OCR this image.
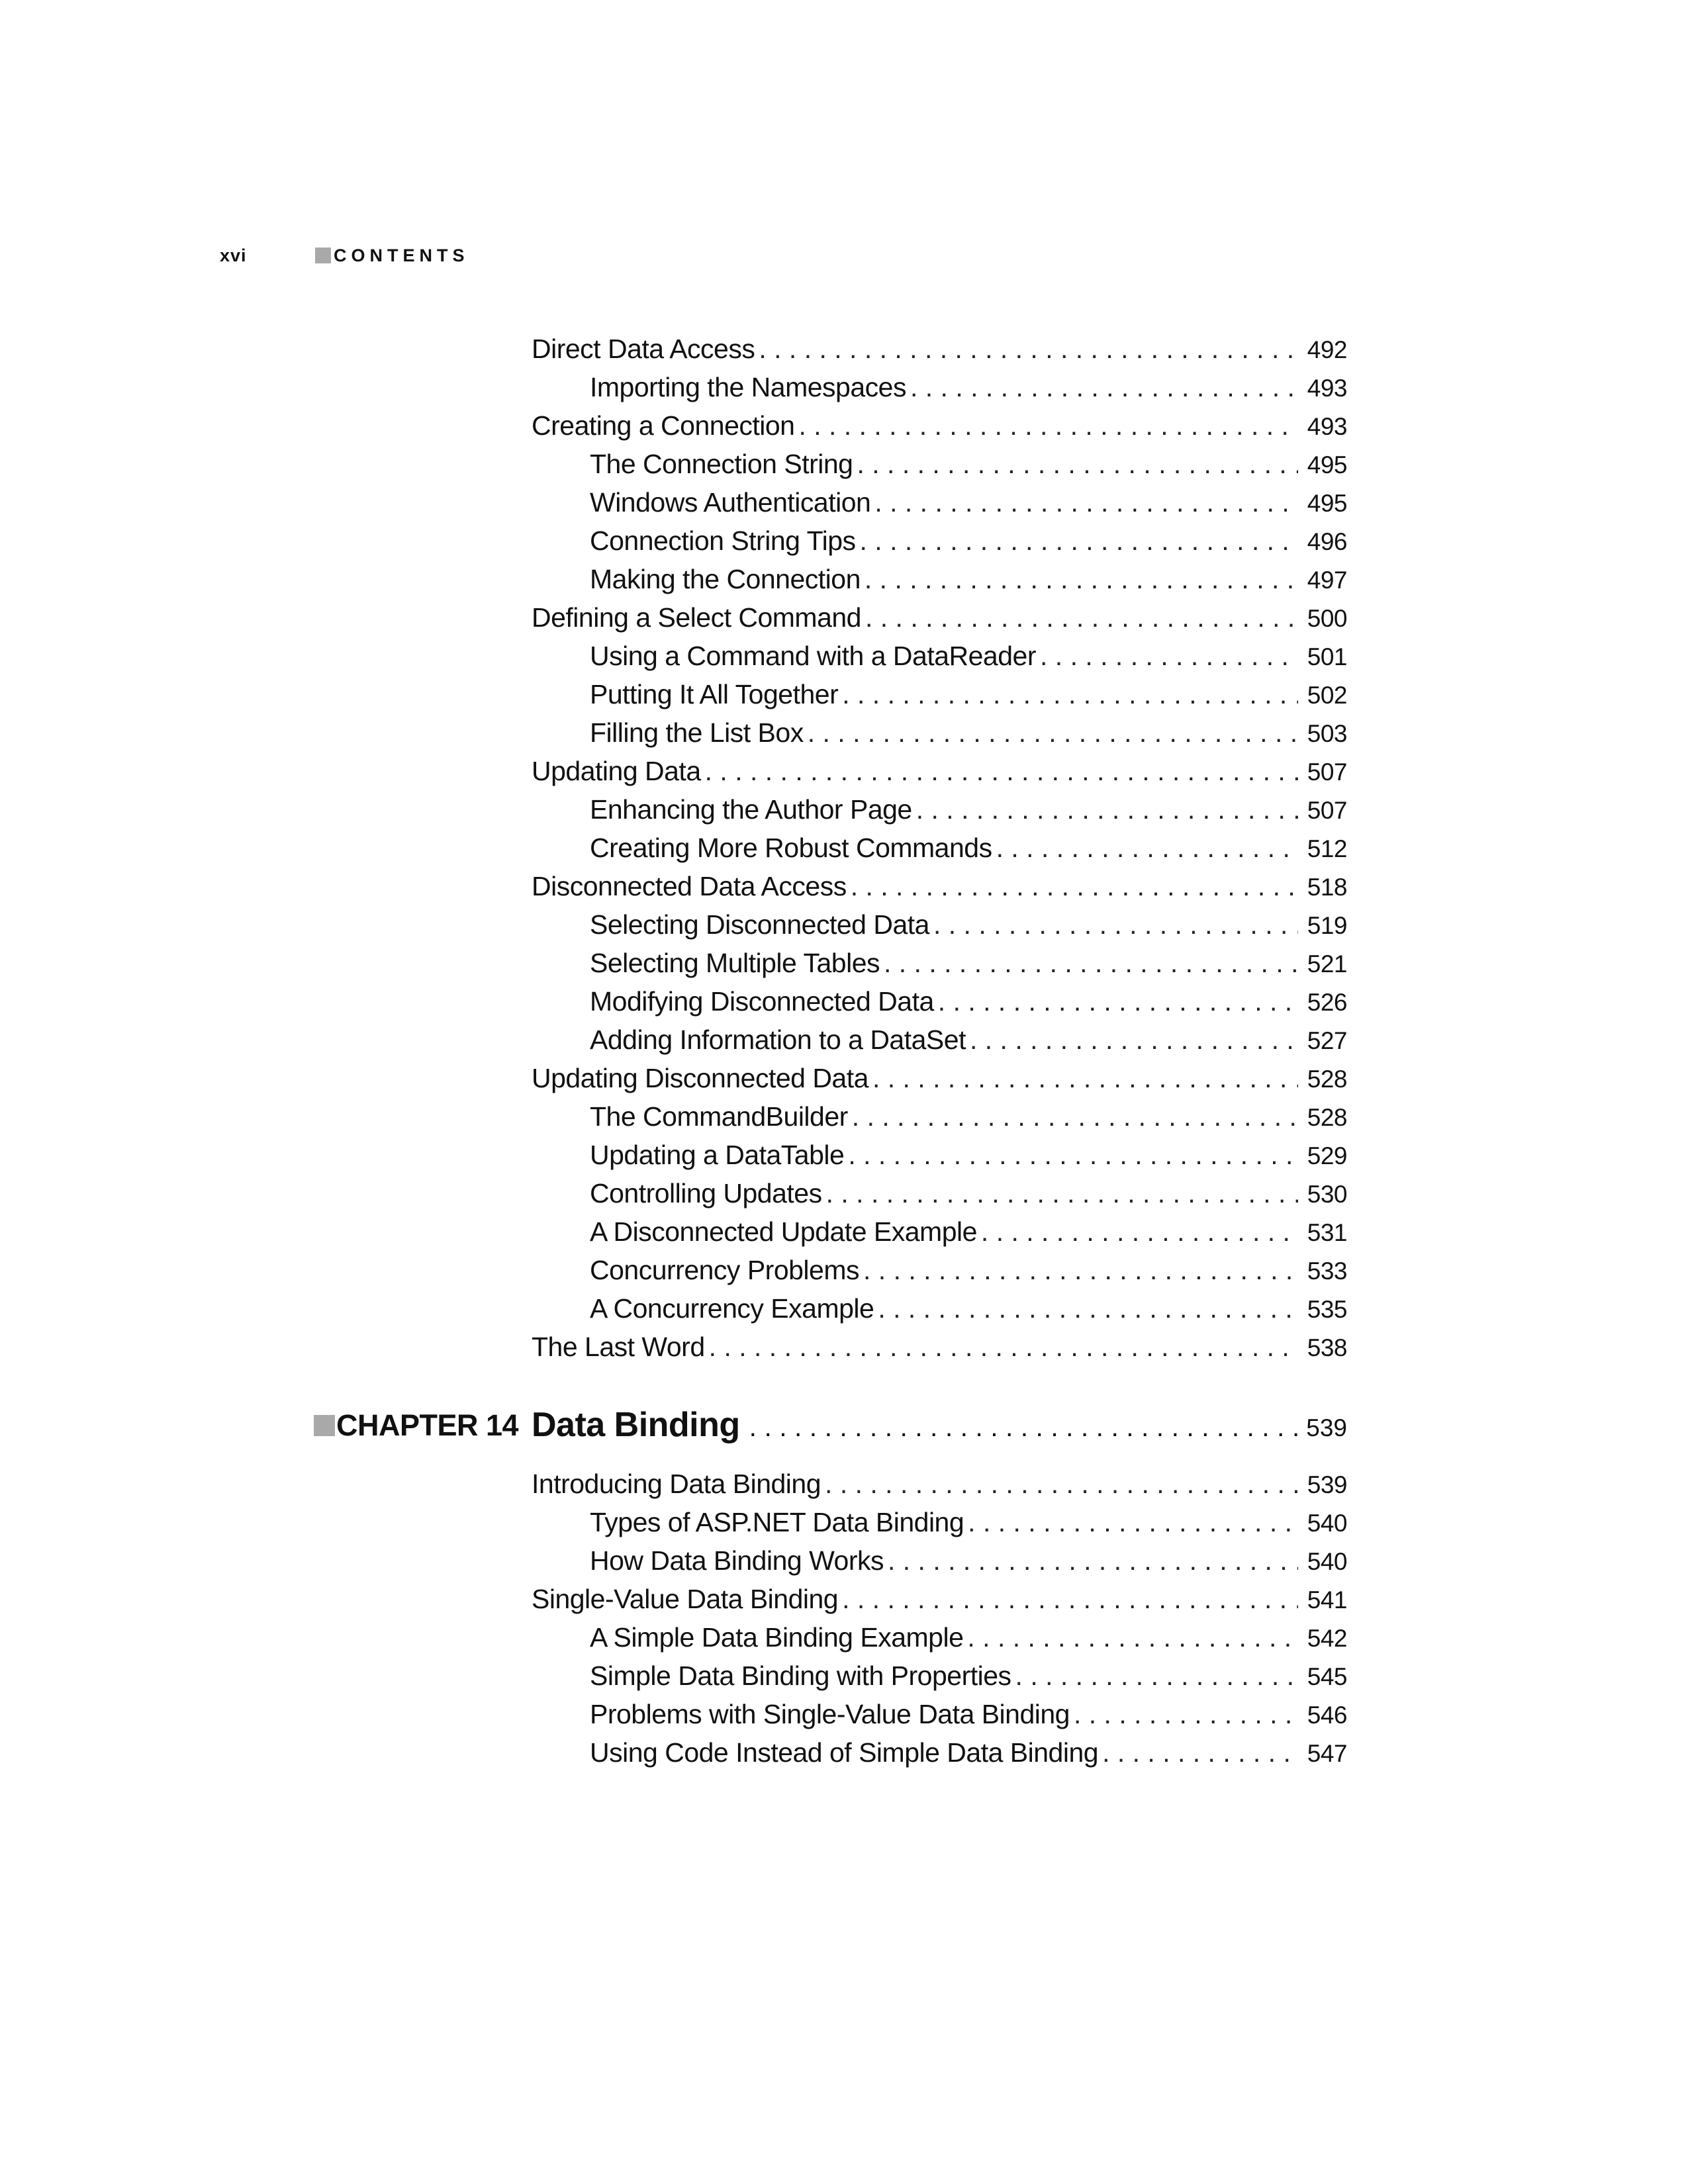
xvi	CONTENTS
Direct Data Access . . .	492
Importing the Namespaces . . .	493
Creating a Connection . . .	493
The Connection String . . .	495
Windows Authentication . . .	495
Connection String Tips . . .	496
Making the Connection . . .	497
Defining a Select Command . . .	500
Using a Command with a DataReader . . .	501
Putting It All Together . . .	502
Filling the List Box . . .	503
Updating Data . . .	507
Enhancing the Author Page . . .	507
Creating More Robust Commands . . .	512
Disconnected Data Access . . .	518
Selecting Disconnected Data . . .	519
Selecting Multiple Tables . . .	521
Modifying Disconnected Data . . .	526
Adding Information to a DataSet . . .	527
Updating Disconnected Data . . .	528
The CommandBuilder . . .	528
Updating a DataTable . . .	529
Controlling Updates . . .	530
A Disconnected Update Example . . .	531
Concurrency Problems . . .	533
A Concurrency Example . . .	535
The Last Word . . .	538
CHAPTER 14 Data Binding . . .	539
Introducing Data Binding . . .	539
Types of ASP.NET Data Binding . . .	540
How Data Binding Works . . .	540
Single-Value Data Binding . . .	541
A Simple Data Binding Example . . .	542
Simple Data Binding with Properties . . .	545
Problems with Single-Value Data Binding . . .	546
Using Code Instead of Simple Data Binding . . .	547
